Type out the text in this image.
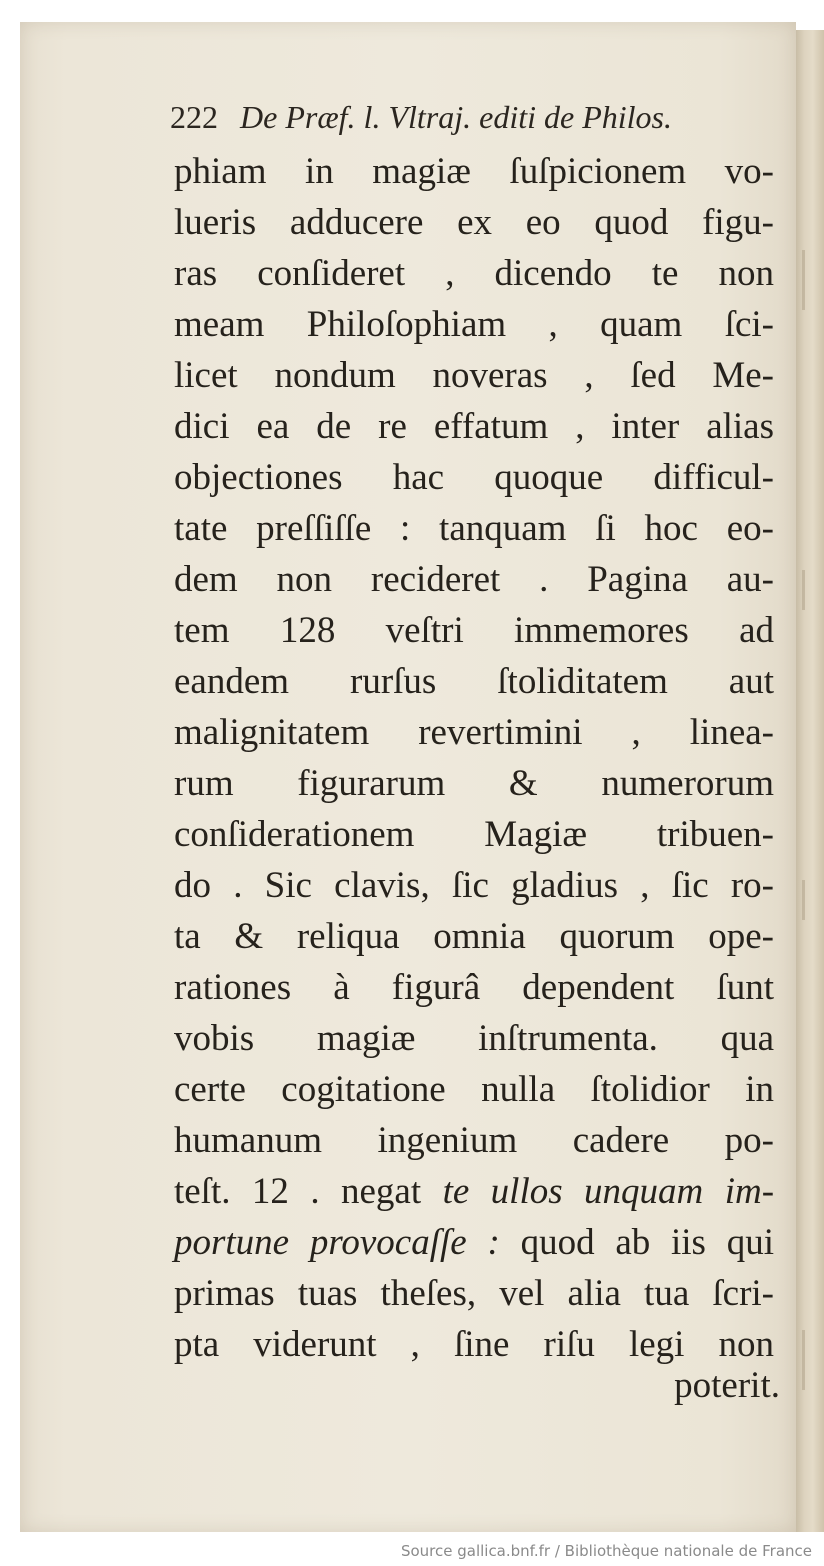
222 De Præf. l. Vltraj. editi de Philos.
phiam in magiæ ſuſpicionem vo-
lueris adducere ex eo quod figu-
ras conſideret , dicendo te non
meam Philoſophiam , quam ſci-
licet nondum noveras , ſed Me-
dici ea de re effatum , inter alias
objectiones hac quoque difficul-
tate preſſiſſe : tanquam ſi hoc eo-
dem non recideret . Pagina au-
tem 128 veſtri immemores ad
eandem rurſus ſtoliditatem aut
malignitatem revertimini , linea-
rum figurarum & numerorum
conſiderationem Magiæ tribuen-
do . Sic clavis, ſic gladius , ſic ro-
ta & reliqua omnia quorum ope-
rationes à figurâ dependent ſunt
vobis magiæ inſtrumenta. qua
certe cogitatione nulla ſtolidior in
humanum ingenium cadere po-
teſt. 12 . negat te ullos unquam im-
portune provocaſſe : quod ab iis qui
primas tuas theſes, vel alia tua ſcri-
pta viderunt , ſine riſu legi non
poterit.
Source gallica.bnf.fr / Bibliothèque nationale de France
